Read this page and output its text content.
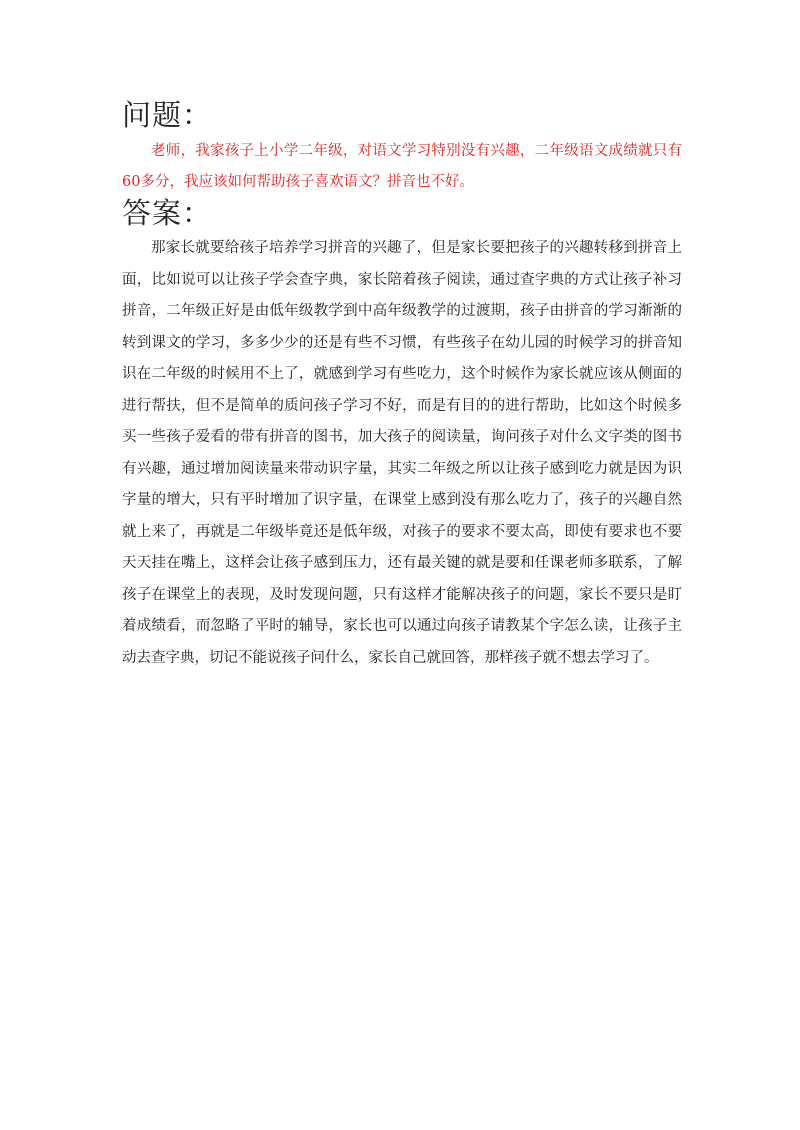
问题：

老师，我家孩子上小学二年级，对语文学习特别没有兴趣，二年级语文成绩就只有60多分，我应该如何帮助孩子喜欢语文？拼音也不好。

答案：

那家长就要给孩子培养学习拼音的兴趣了，但是家长要把孩子的兴趣转移到拼音上面，比如说可以让孩子学会查字典，家长陪着孩子阅读，通过查字典的方式让孩子补习拼音，二年级正好是由低年级教学到中高年级教学的过渡期，孩子由拼音的学习渐渐的转到课文的学习，多多少少的还是有些不习惯，有些孩子在幼儿园的时候学习的拼音知识在二年级的时候用不上了，就感到学习有些吃力，这个时候作为家长就应该从侧面的进行帮扶，但不是简单的质问孩子学习不好，而是有目的的进行帮助，比如这个时候多买一些孩子爱看的带有拼音的图书，加大孩子的阅读量，询问孩子对什么文字类的图书有兴趣，通过增加阅读量来带动识字量，其实二年级之所以让孩子感到吃力就是因为识字量的增大，只有平时增加了识字量，在课堂上感到没有那么吃力了，孩子的兴趣自然就上来了，再就是二年级毕竟还是低年级，对孩子的要求不要太高，即使有要求也不要天天挂在嘴上，这样会让孩子感到压力，还有最关键的就是要和任课老师多联系，了解孩子在课堂上的表现，及时发现问题，只有这样才能解决孩子的问题，家长不要只是盯着成绩看，而忽略了平时的辅导，家长也可以通过向孩子请教某个字怎么读，让孩子主动去查字典，切记不能说孩子问什么，家长自己就回答，那样孩子就不想去学习了。
